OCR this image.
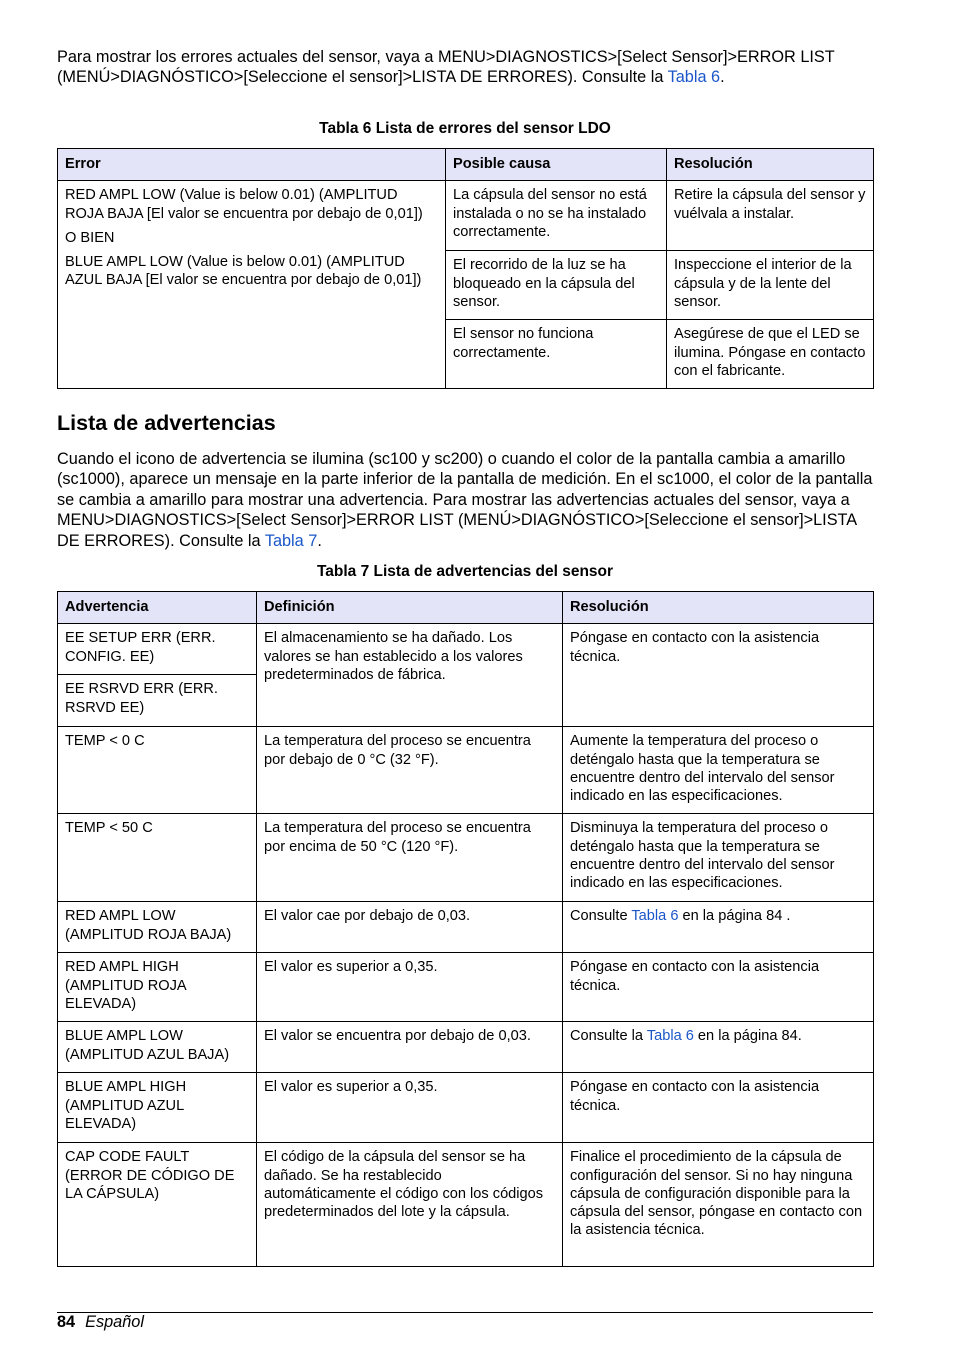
Para mostrar los errores actuales del sensor, vaya a MENU>DIAGNOSTICS>[Select Sensor]>ERROR LIST (MENÚ>DIAGNÓSTICO>[Seleccione el sensor]>LISTA DE ERRORES). Consulte la Tabla 6.

Tabla 6 Lista de errores del sensor LDO

Error	Posible causa	Resolución

RED AMPL LOW (Value is below 0.01) (AMPLITUD ROJA BAJA [El valor se encuentra por debajo de 0,01])

O BIEN

BLUE AMPL LOW (Value is below 0.01) (AMPLITUD AZUL BAJA [El valor se encuentra por debajo de 0,01])	La cápsula del sensor no está instalada o no se ha instalado correctamente.	Retire la cápsula del sensor y vuélvala a instalar.
	El recorrido de la luz se ha bloqueado en la cápsula del sensor.	Inspeccione el interior de la cápsula y de la lente del sensor.
	El sensor no funciona correctamente.	Asegúrese de que el LED se ilumina. Póngase en contacto con el fabricante.
Lista de advertencias

Cuando el icono de advertencia se ilumina (sc100 y sc200) o cuando el color de la pantalla cambia a amarillo (sc1000), aparece un mensaje en la parte inferior de la pantalla de medición. En el sc1000, el color de la pantalla se cambia a amarillo para mostrar una advertencia. Para mostrar las advertencias actuales del sensor, vaya a MENU>DIAGNOSTICS>[Select Sensor]>ERROR LIST (MENÚ>DIAGNÓSTICO>[Seleccione el sensor]>LISTA DE ERRORES). Consulte la Tabla 7.

Tabla 7 Lista de advertencias del sensor

Advertencia	Definición	Resolución
EE SETUP ERR (ERR. CONFIG. EE)	El almacenamiento se ha dañado. Los valores se han establecido a los valores predeterminados de fábrica.	Póngase en contacto con la asistencia técnica.
EE RSRVD ERR (ERR. RSRVD EE)		
TEMP < 0 C	La temperatura del proceso se encuentra por debajo de 0 °C (32 °F).	Aumente la temperatura del proceso o deténgalo hasta que la temperatura se encuentre dentro del intervalo del sensor indicado en las especificaciones.
TEMP < 50 C	La temperatura del proceso se encuentra por encima de 50 °C (120 °F).	Disminuya la temperatura del proceso o deténgalo hasta que la temperatura se encuentre dentro del intervalo del sensor indicado en las especificaciones.
RED AMPL LOW (AMPLITUD ROJA BAJA)	El valor cae por debajo de 0,03.	Consulte Tabla 6 en la página 84 .
RED AMPL HIGH (AMPLITUD ROJA ELEVADA)	El valor es superior a 0,35.	Póngase en contacto con la asistencia técnica.
BLUE AMPL LOW (AMPLITUD AZUL BAJA)	El valor se encuentra por debajo de 0,03.	Consulte la Tabla 6 en la página 84.
BLUE AMPL HIGH (AMPLITUD AZUL ELEVADA)	El valor es superior a 0,35.	Póngase en contacto con la asistencia técnica.
CAP CODE FAULT (ERROR DE CÓDIGO DE LA CÁPSULA)	El código de la cápsula del sensor se ha dañado. Se ha restablecido automáticamente el código con los códigos predeterminados del lote y la cápsula.	Finalice el procedimiento de la cápsula de configuración del sensor. Si no hay ninguna cápsula de configuración disponible para la cápsula del sensor, póngase en contacto con la asistencia técnica.
84 Español
